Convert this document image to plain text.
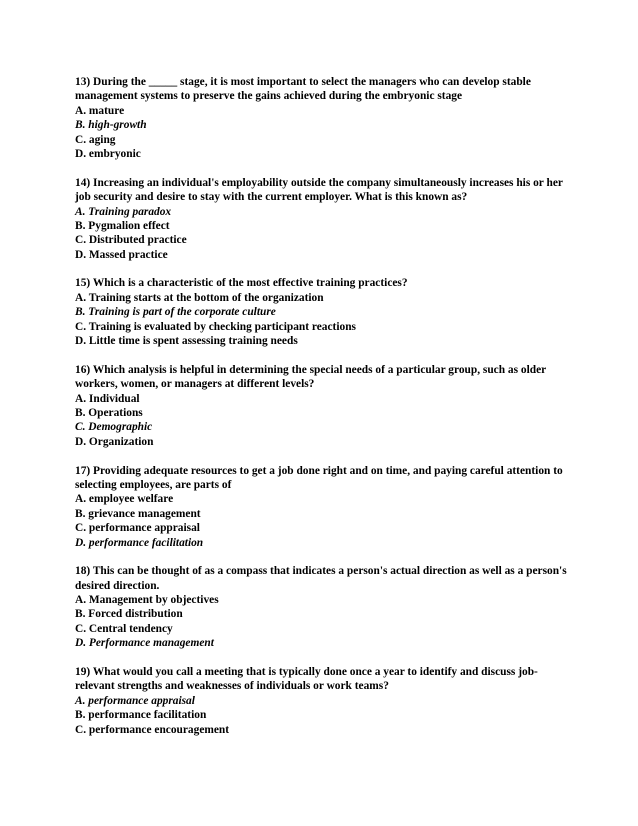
13) During the _____ stage, it is most important to select the managers who can develop stable management systems to preserve the gains achieved during the embryonic stage
A. mature
B. high-growth
C. aging
D. embryonic
14) Increasing an individual's employability outside the company simultaneously increases his or her job security and desire to stay with the current employer. What is this known as?
A. Training paradox
B. Pygmalion effect
C. Distributed practice
D. Massed practice
15) Which is a characteristic of the most effective training practices?
A. Training starts at the bottom of the organization
B. Training is part of the corporate culture
C. Training is evaluated by checking participant reactions
D. Little time is spent assessing training needs
16) Which analysis is helpful in determining the special needs of a particular group, such as older workers, women, or managers at different levels?
A. Individual
B. Operations
C. Demographic
D. Organization
17) Providing adequate resources to get a job done right and on time, and paying careful attention to selecting employees, are parts of
A. employee welfare
B. grievance management
C. performance appraisal
D. performance facilitation
18) This can be thought of as a compass that indicates a person's actual direction as well as a person's desired direction.
A. Management by objectives
B. Forced distribution
C. Central tendency
D. Performance management
19) What would you call a meeting that is typically done once a year to identify and discuss job-relevant strengths and weaknesses of individuals or work teams?
A. performance appraisal
B. performance facilitation
C. performance encouragement
